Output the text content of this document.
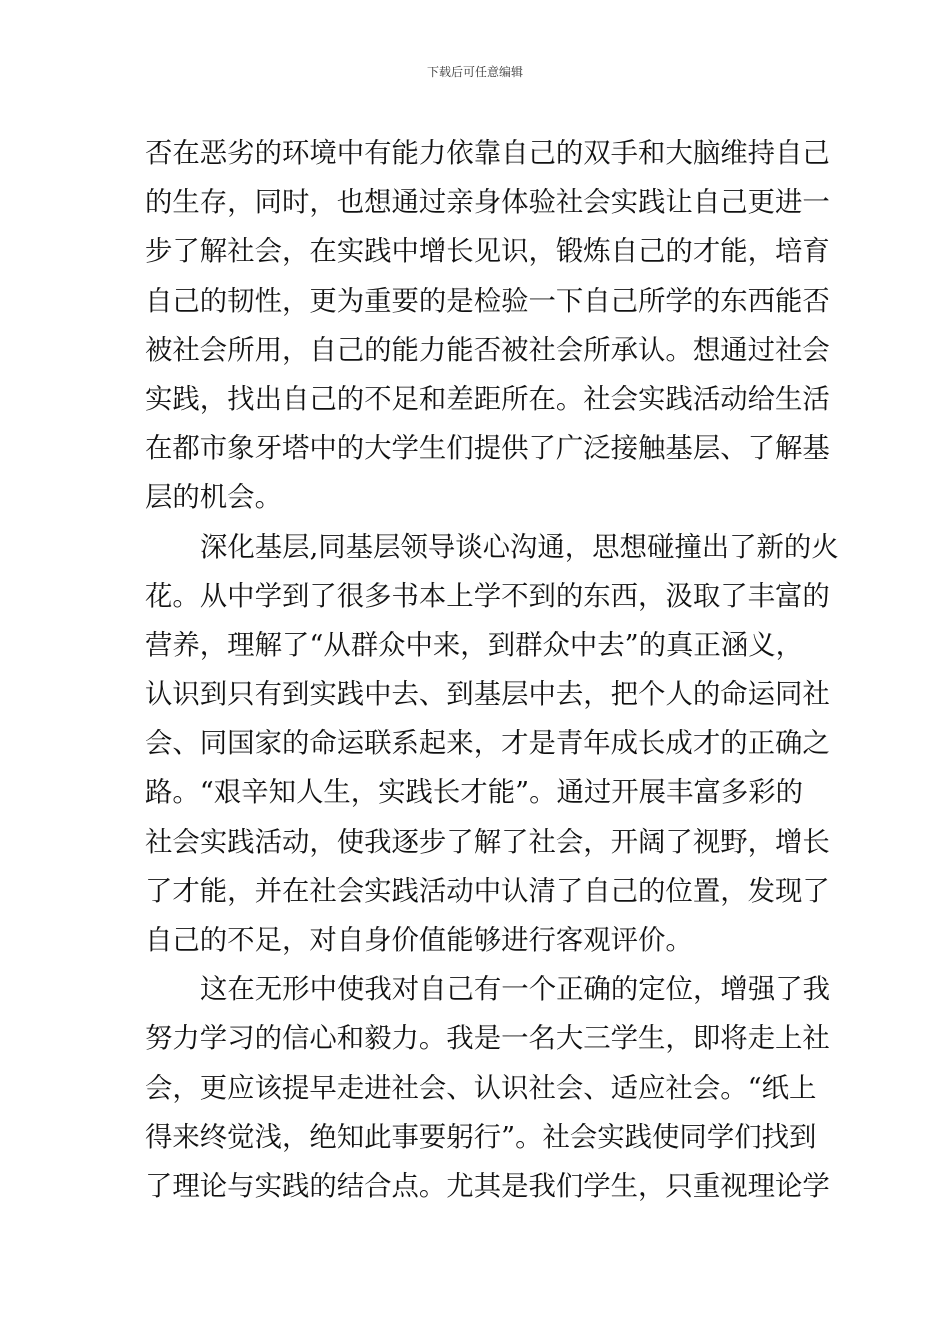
下载后可任意编辑
否在恶劣的环境中有能力依靠自己的双手和大脑维持自己
的生存，同时，也想通过亲身体验社会实践让自己更进一
步了解社会，在实践中增长见识，锻炼自己的才能，培育
自己的韧性，更为重要的是检验一下自己所学的东西能否
被社会所用，自己的能力能否被社会所承认。想通过社会
实践，找出自己的不足和差距所在。社会实践活动给生活
在都市象牙塔中的大学生们提供了广泛接触基层、了解基
层的机会。
深化基层,同基层领导谈心沟通，思想碰撞出了新的火
花。从中学到了很多书本上学不到的东西，汲取了丰富的
营养，理解了“从群众中来，到群众中去”的真正涵义，
认识到只有到实践中去、到基层中去，把个人的命运同社
会、同国家的命运联系起来，才是青年成长成才的正确之
路。“艰辛知人生，实践长才能”。通过开展丰富多彩的
社会实践活动，使我逐步了解了社会，开阔了视野，增长
了才能，并在社会实践活动中认清了自己的位置，发现了
自己的不足，对自身价值能够进行客观评价。
这在无形中使我对自己有一个正确的定位，增强了我
努力学习的信心和毅力。我是一名大三学生，即将走上社
会，更应该提早走进社会、认识社会、适应社会。“纸上
得来终觉浅，绝知此事要躬行”。社会实践使同学们找到
了理论与实践的结合点。尤其是我们学生，只重视理论学
